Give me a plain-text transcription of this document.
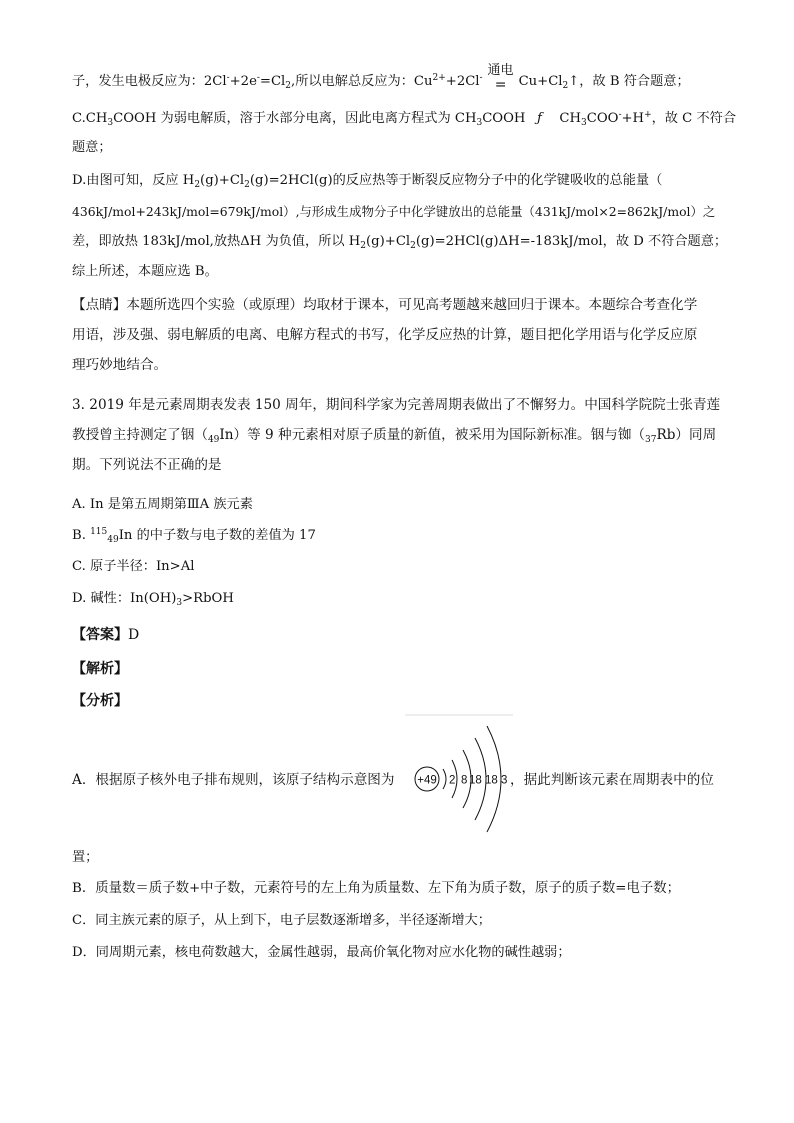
子，发生电极反应为：$2Cl^-+2e^-=Cl_2$,所以电解总反应为：$Cu^{2+}+2Cl^-$ 通电
= $Cu+Cl_2↑$，故 B 符合题意；
$C.CH_3COOH$ 为弱电解质，溶于水部分电离，因此电离方程式为 $CH_3COOH$ ƒ $CH_3COO^-+H^+$，故 C 不符合
题意；
D.由图可知，反应 $H_2(g)+Cl_2(g)=2HCl(g)$的反应热等于断裂反应物分子中的化学键吸收的总能量（
436kJ/mol+243kJ/mol=679kJ/mol）,与形成生成物分子中化学键放出的总能量（431kJ/mol×2=862kJ/mol）之
差，即放热 183kJ/mol,放热ΔH 为负值，所以 $H_2(g)+Cl_2(g)=2HCl(g)\Delta H=-183kJ$/mol，故 D 不符合题意；
综上所述，本题应选 B。
【点睛】本题所选四个实验（或原理）均取材于课本，可见高考题越来越回归于课本。本题综合考查化学
用语，涉及强、弱电解质的电离、电解方程式的书写，化学反应热的计算，题目把化学用语与化学反应原
理巧妙地结合。
3. 2019 年是元素周期表发表 150 周年，期间科学家为完善周期表做出了不懈努力。中国科学院院士张青莲
教授曾主持测定了铟$(_{49}In)$等 9 种元素相对原子质量的新值，被采用为国际新标准。铟与铷$(_{37}Rb)$同周
期。下列说法不正确的是
A. In 是第五周期第ⅢA 族元素
B. $^{115}_{49}$In 的中子数与电子数的差值为 17
C. 原子半径：In>Al
D. 碱性：$In(OH)_3>RbOH$
【答案】D
【解析】
【分析】
A．根据原子核外电子排布规则，该原子结构示意图为 +49 2 8 18 18 3 ，据此判断该元素在周期表中的位
置；
B．质量数＝质子数+中子数，元素符号的左上角为质量数、左下角为质子数，原子的质子数=电子数；
C．同主族元素的原子，从上到下，电子层数逐渐增多，半径逐渐增大；
D．同周期元素，核电荷数越大，金属性越弱，最高价氧化物对应水化物的碱性越弱；
